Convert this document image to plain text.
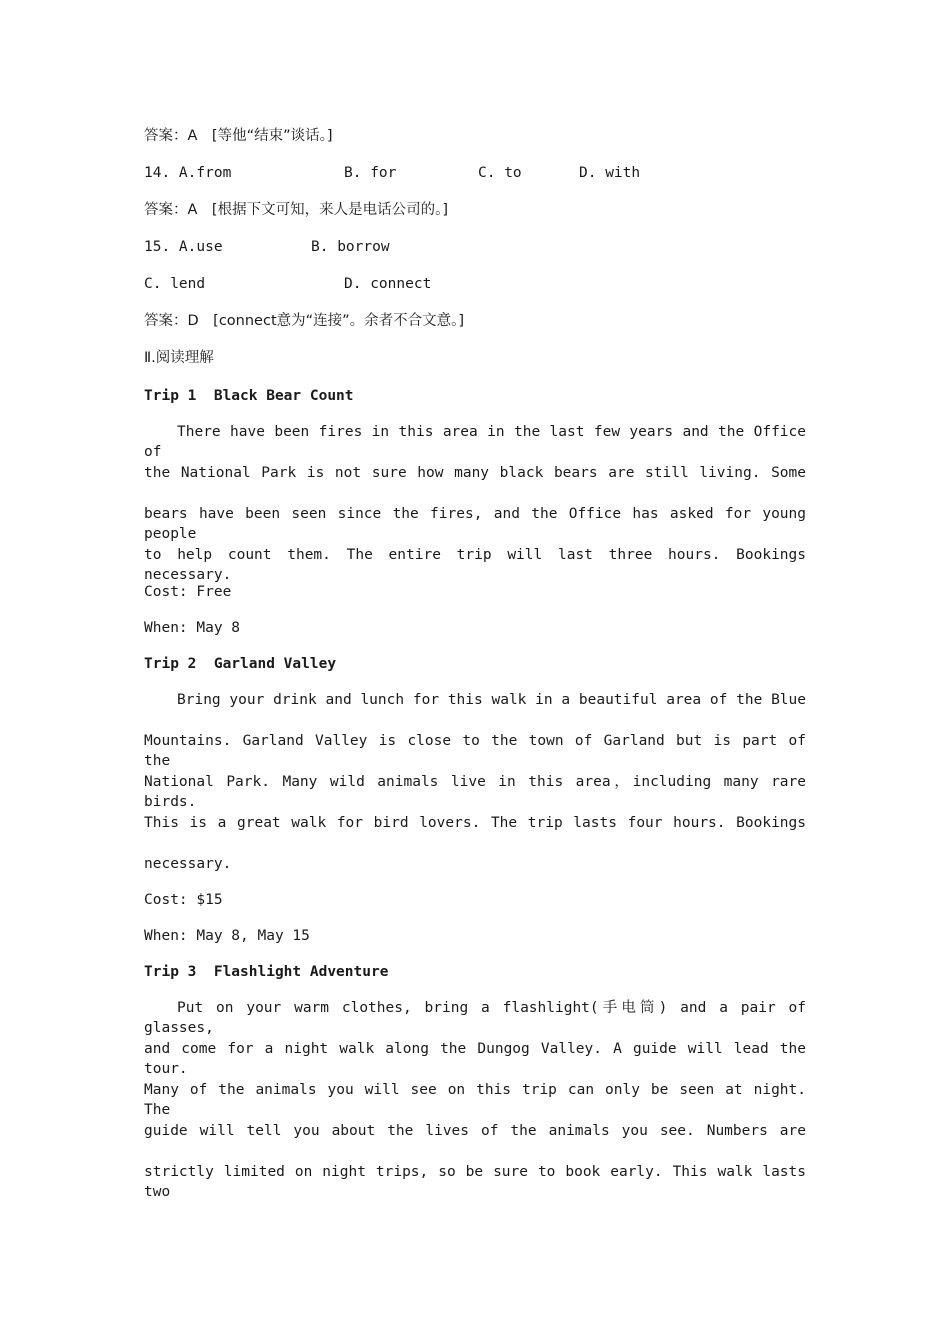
答案：A　[等他“结束”谈话。]

14. A.from

	B. for

	C. to

	D. with

答案：A　[根据下文可知，来人是电话公司的。]

15. A.use

	B. borrow

C. lend

	D. connect

答案：D　[connect意为“连接”。余者不合文意。]
Ⅱ.阅读理解
Trip 1  Black Bear Count
There have been fires in this area in the last few years and the Office of
the National Park is not sure how many black bears are still living. Some
bears have been seen since the fires, and the Office has asked for young people
to help count them. The entire trip will last three hours. Bookings necessary.
Cost: Free
When: May 8
Trip 2  Garland Valley
Bring your drink and lunch for this walk in a beautiful area of the Blue
Mountains. Garland Valley is close to the town of Garland but is part of the
National Park. Many wild animals live in this area，including many rare birds.
This is a great walk for bird lovers. The trip lasts four hours. Bookings
necessary.
Cost: $15
When: May 8, May 15
Trip 3  Flashlight Adventure
Put on your warm clothes, bring a flashlight(手电筒) and a pair of glasses,
and come for a night walk along the Dungog Valley. A guide will lead the tour.
Many of the animals you will see on this trip can only be seen at night. The
guide will tell you about the lives of the animals you see. Numbers are
strictly limited on night trips, so be sure to book early. This walk lasts two
